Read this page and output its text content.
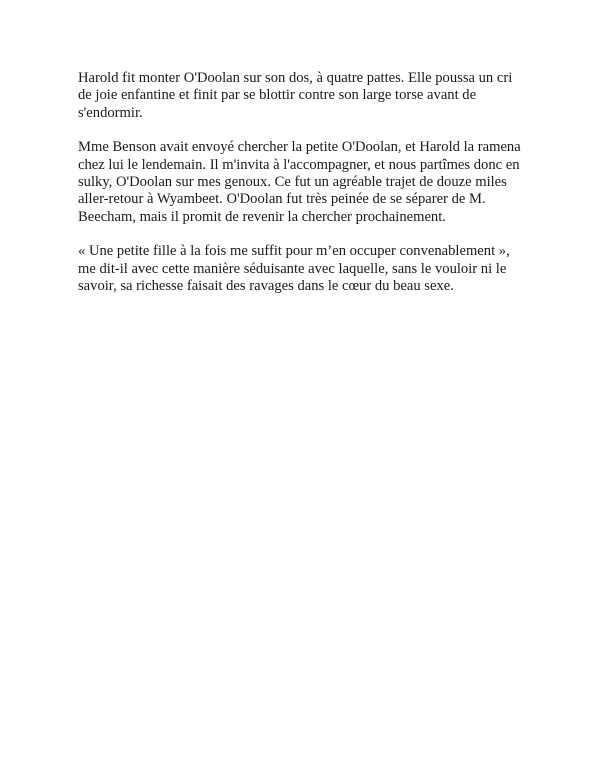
Harold fit monter O'Doolan sur son dos, à quatre pattes. Elle poussa un cri
de joie enfantine et finit par se blottir contre son large torse avant de
s'endormir.

Mme Benson avait envoyé chercher la petite O'Doolan, et Harold la ramena
chez lui le lendemain. Il m'invita à l'accompagner, et nous partîmes donc en
sulky, O'Doolan sur mes genoux. Ce fut un agréable trajet de douze miles
aller-retour à Wyambeet. O'Doolan fut très peinée de se séparer de M.
Beecham, mais il promit de revenir la chercher prochainement.

« Une petite fille à la fois me suffit pour m’en occuper convenablement »,
me dit-il avec cette manière séduisante avec laquelle, sans le vouloir ni le
savoir, sa richesse faisait des ravages dans le cœur du beau sexe.
